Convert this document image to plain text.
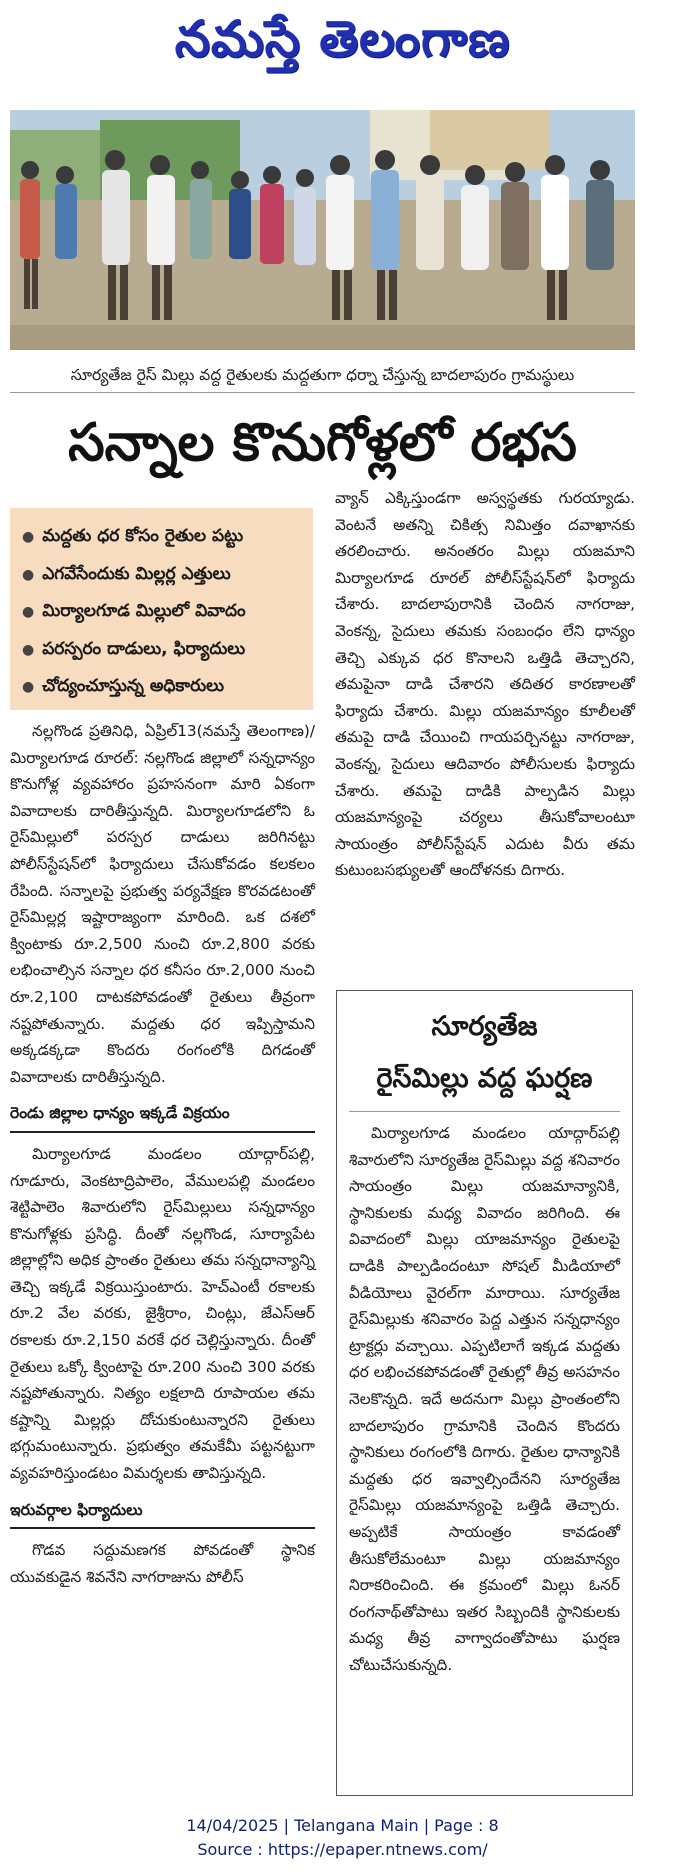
నమస్తే తెలంగాణ
సూర్యతేజ రైస్ మిల్లు వద్ద రైతులకు మద్దతుగా ధర్నా చేస్తున్న బాదలాపురం గ్రామస్థులు
సన్నాల కొనుగోళ్లలో రభస
● మద్దతు ధర కోసం రైతుల పట్టు
● ఎగవేసేందుకు మిల్లర్ల ఎత్తులు
● మిర్యాలగూడ మిల్లులో వివాదం
● పరస్పరం దాడులు, ఫిర్యాదులు
● చోద్యంచూస్తున్న అధికారులు

నల్లగొండ ప్రతినిధి, ఏప్రిల్13(నమస్తే తెలంగాణ)/మిర్యాలగూడ రూరల్: నల్లగొండ జిల్లాలో సన్నధాన్యం కొనుగోళ్ల వ్యవహారం ప్రహసనంగా మారి ఏకంగా వివాదాలకు దారితీస్తున్నది. మిర్యాలగూడలోని ఓ రైస్‌మిల్లులో పరస్పర దాడులు జరిగినట్టు పోలీస్‌స్టేషన్‌లో ఫిర్యాదులు చేసుకోవడం కలకలం రేపింది. సన్నాలపై ప్రభుత్వ పర్యవేక్షణ కొరవడటంతో రైస్‌మిల్లర్ల ఇష్టారాజ్యంగా మారింది. ఒక దశలో క్వింటాకు రూ.2,500 నుంచి రూ.2,800 వరకు లభించాల్సిన సన్నాల ధర కనీసం రూ.2,000 నుంచి రూ.2,100 దాటకపోవడంతో రైతులు తీవ్రంగా నష్టపోతున్నారు. మద్దతు ధర ఇప్పిస్తామని అక్కడక్కడా కొందరు రంగంలోకి దిగడంతో వివాదాలకు దారితీస్తున్నది.

రెండు జిల్లాల ధాన్యం ఇక్కడే విక్రయం

మిర్యాలగూడ మండలం యాద్గార్‌పల్లి, గూడూరు, వెంకటాద్రిపాలెం, వేములపల్లి మండలం శెట్టిపాలెం శివారులోని రైస్‌మిల్లులు సన్నధాన్యం కొనుగోళ్లకు ప్రసిద్ధి. దీంతో నల్లగొండ, సూర్యాపేట జిల్లాల్లోని అధిక ప్రాంతం రైతులు తమ సన్నధాన్యాన్ని తెచ్చి ఇక్కడే విక్రయిస్తుంటారు. హెచ్‌ఎంటీ రకాలకు రూ.2 వేల వరకు, జైశ్రీరాం, చింట్లు, జేఎస్‌ఆర్ రకాలకు రూ.2,150 వరకే ధర చెల్లిస్తున్నారు. దీంతో రైతులు ఒక్కో క్వింటాపై రూ.200 నుంచి 300 వరకు నష్టపోతున్నారు. నిత్యం లక్షలాది రూపాయల తమ కష్టాన్ని మిల్లర్లు దోచుకుంటున్నారని రైతులు భగ్గుమంటున్నారు. ప్రభుత్వం తమకేమీ పట్టనట్టుగా వ్యవహరిస్తుండటం విమర్శలకు తావిస్తున్నది.

ఇరువర్గాల ఫిర్యాదులు

గొడవ సద్దుమణగక పోవడంతో స్థానిక యువకుడైన శివనేని నాగరాజును పోలీస్

వ్యాన్ ఎక్కిస్తుండగా అస్వస్థతకు గురయ్యాడు. వెంటనే అతన్ని చికిత్స నిమిత్తం దవాఖానకు తరలించారు. అనంతరం మిల్లు యజమాని మిర్యాలగూడ రూరల్ పోలీస్‌స్టేషన్‌లో ఫిర్యాదు చేశారు. బాదలాపురానికి చెందిన నాగరాజు, వెంకన్న, సైదులు తమకు సంబంధం లేని ధాన్యం తెచ్చి ఎక్కువ ధర కొనాలని ఒత్తిడి తెచ్చారని, తమపైనా దాడి చేశారని తదితర కారణాలతో ఫిర్యాదు చేశారు. మిల్లు యజమాన్యం కూలీలతో తమపై దాడి చేయించి గాయపర్చినట్టు నాగరాజు, వెంకన్న, సైదులు ఆదివారం పోలీసులకు ఫిర్యాదు చేశారు. తమపై దాడికి పాల్పడిన మిల్లు యజమాన్యంపై చర్యలు తీసుకోవాలంటూ సాయంత్రం పోలీస్‌స్టేషన్ ఎదుట వీరు తమ కుటుంబసభ్యులతో ఆందోళనకు దిగారు.

సూర్యతేజ
రైస్‌మిల్లు వద్ద ఘర్షణ

మిర్యాలగూడ మండలం యాద్గార్‌పల్లి శివారులోని సూర్యతేజ రైస్‌మిల్లు వద్ద శనివారం సాయంత్రం మిల్లు యజమాన్యానికి, స్థానికులకు మధ్య వివాదం జరిగింది. ఈ వివాదంలో మిల్లు యాజమాన్యం రైతులపై దాడికి పాల్పడిందంటూ సోషల్ మీడియాలో వీడియోలు వైరల్‌గా మారాయి. సూర్యతేజ రైస్‌మిల్లుకు శనివారం పెద్ద ఎత్తున సన్నధాన్యం ట్రాక్టర్లు వచ్చాయి. ఎప్పటిలాగే ఇక్కడ మద్దతు ధర లభించకపోవడంతో రైతుల్లో తీవ్ర అసహనం నెలకొన్నది. ఇదే అదనుగా మిల్లు ప్రాంతంలోని బాదలాపురం గ్రామానికి చెందిన కొందరు స్థానికులు రంగంలోకి దిగారు. రైతుల ధాన్యానికి మద్దతు ధర ఇవ్వాల్సిందేనని సూర్యతేజ రైస్‌మిల్లు యజమాన్యంపై ఒత్తిడి తెచ్చారు. అప్పటికే సాయంత్రం కావడంతో తీసుకోలేమంటూ మిల్లు యజమాన్యం నిరాకరించింది. ఈ క్రమంలో మిల్లు ఓనర్ రంగనాథ్‌తోపాటు ఇతర సిబ్బందికి స్థానికులకు మధ్య తీవ్ర వాగ్వాదంతోపాటు ఘర్షణ చోటుచేసుకున్నది.

14/04/2025 | Telangana Main | Page : 8
Source : https://epaper.ntnews.com/
